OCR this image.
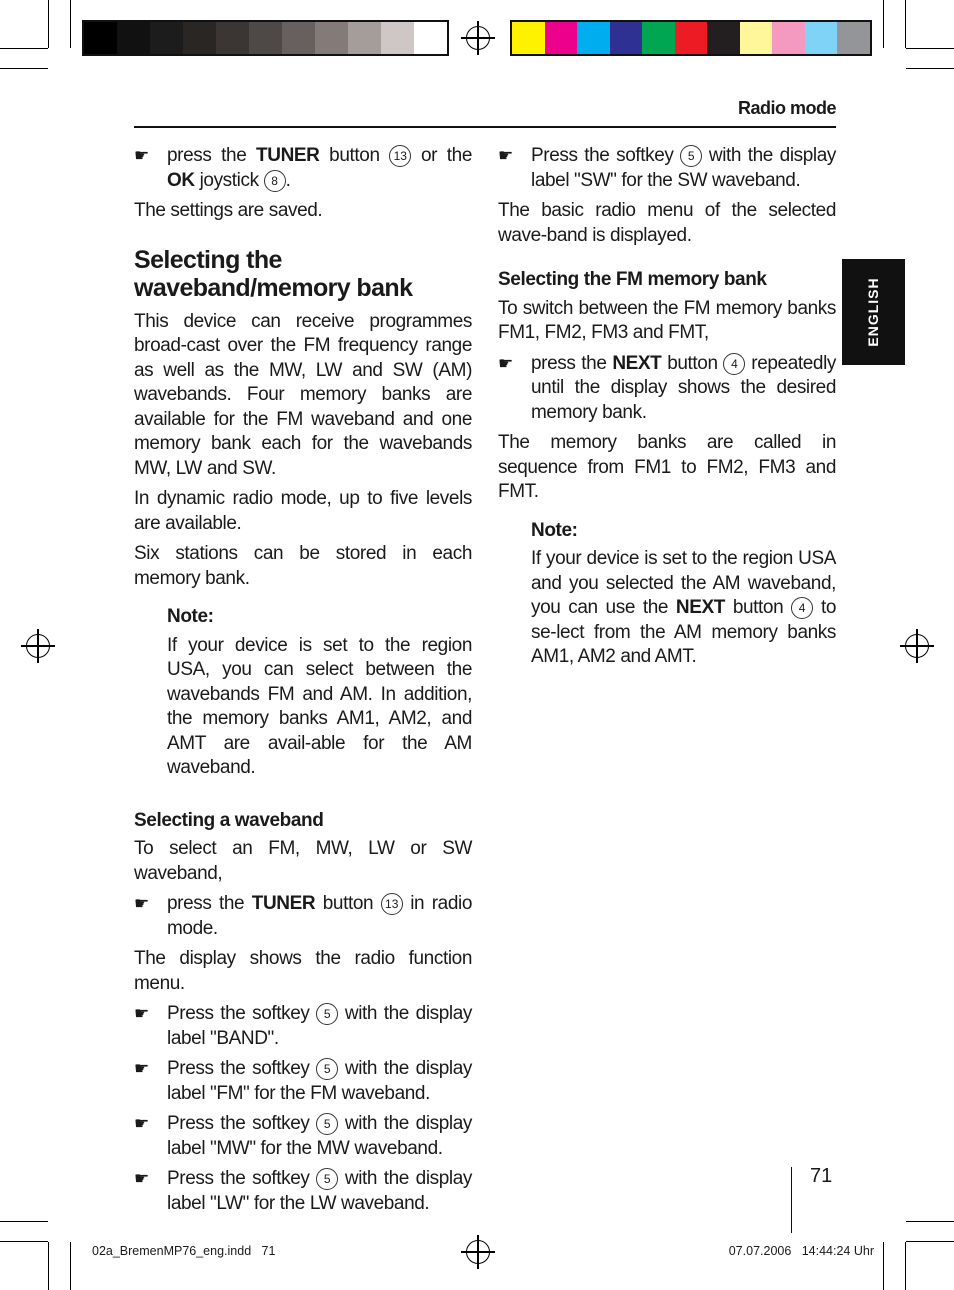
Radio mode
ENGLISH
☛ press the TUNER button 13 or the OK joystick 8 .

The settings are saved.

Selecting the waveband/memory bank

This device can receive programmes broad-cast over the FM frequency range as well as the MW, LW and SW (AM) wavebands. Four memory banks are available for the FM waveband and one memory bank each for the wavebands MW, LW and SW.

In dynamic radio mode, up to five levels are available.

Six stations can be stored in each memory bank.

Note:
If your device is set to the region USA, you can select between the wavebands FM and AM. In addition, the memory banks AM1, AM2, and AMT are avail-able for the AM waveband.
Selecting a waveband

To select an FM, MW, LW or SW waveband,

☛ press the TUNER button 13 in radio mode.

The display shows the radio function menu.

☛ Press the softkey 5 with the display label "BAND".
☛ Press the softkey 5 with the display label "FM" for the FM waveband.
☛ Press the softkey 5 with the display label "MW" for the MW waveband.
☛ Press the softkey 5 with the display label "LW" for the LW waveband.
☛ Press the softkey 5 with the display label "SW" for the SW waveband.

The basic radio menu of the selected wave-band is displayed.

Selecting the FM memory bank

To switch between the FM memory banks FM1, FM2, FM3 and FMT,

☛ press the NEXT button 4 repeatedly until the display shows the desired memory bank.

The memory banks are called in sequence from FM1 to FM2, FM3 and FMT.

Note:
If your device is set to the region USA and you selected the AM waveband, you can use the NEXT button 4 to se-lect from the AM memory banks AM1, AM2 and AMT.
71
02a_BremenMP76_eng.indd   71	07.07.2006   14:44:24 Uhr
